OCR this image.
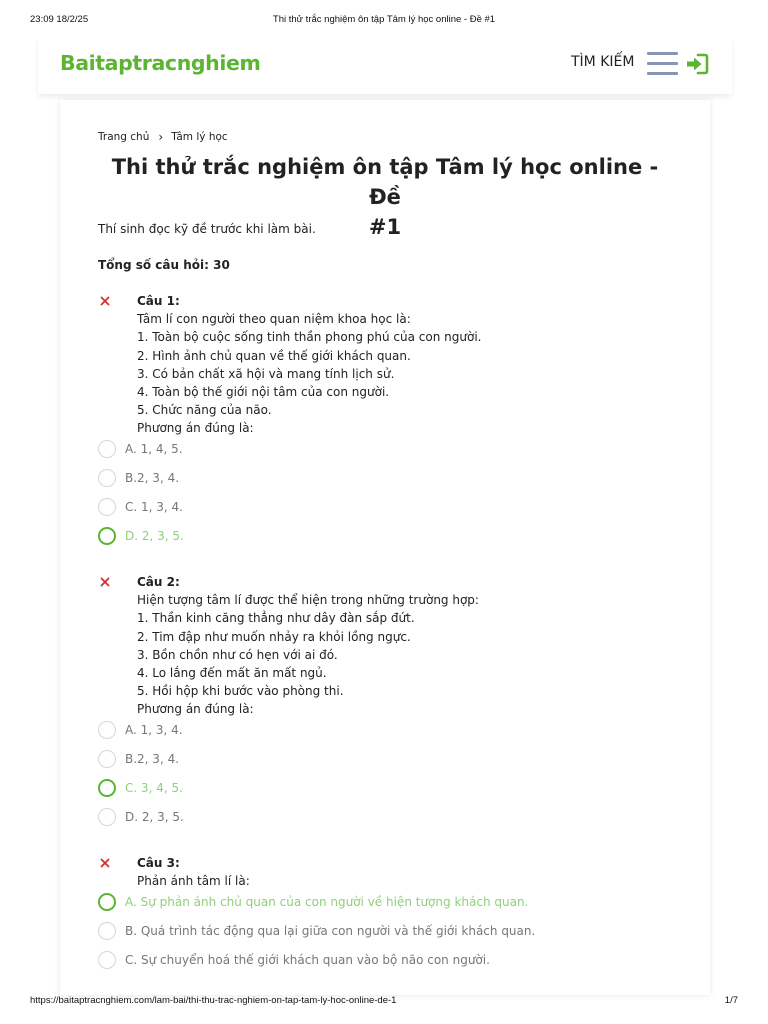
23:09 18/2/25	Thi thử trắc nghiệm ôn tập Tâm lý học online - Đề #1
Baitaptracnghiem	TÌM KIẾM
Trang chủ › Tâm lý học
Thi thử trắc nghiệm ôn tập Tâm lý học online - Đề
#1
Thí sinh đọc kỹ đề trước khi làm bài.
Tổng số câu hỏi: 30
Câu 1:
Tâm lí con người theo quan niệm khoa học là:
1. Toàn bộ cuộc sống tinh thần phong phú của con người.
2. Hình ảnh chủ quan về thế giới khách quan.
3. Có bản chất xã hội và mang tính lịch sử.
4. Toàn bộ thế giới nội tâm của con người.
5. Chức năng của não.
Phương án đúng là:
A. 1, 4, 5.
B.2, 3, 4.
C. 1, 3, 4.
D. 2, 3, 5.
Câu 2:
Hiện tượng tâm lí được thể hiện trong những trường hợp:
1. Thần kinh căng thẳng như dây đàn sắp đứt.
2. Tim đập như muốn nhảy ra khỏi lồng ngực.
3. Bồn chồn như có hẹn với ai đó.
4. Lo lắng đến mất ăn mất ngủ.
5. Hồi hộp khi bước vào phòng thi.
Phương án đúng là:
A. 1, 3, 4.
B.2, 3, 4.
C. 3, 4, 5.
D. 2, 3, 5.
Câu 3:
Phản ánh tâm lí là:
A. Sự phản ánh chủ quan của con người về hiện tượng khách quan.
B. Quá trình tác động qua lại giữa con người và thế giới khách quan.
C. Sự chuyển hoá thế giới khách quan vào bộ não con người.
https://baitaptracnghiem.com/lam-bai/thi-thu-trac-nghiem-on-tap-tam-ly-hoc-online-de-1	1/7
